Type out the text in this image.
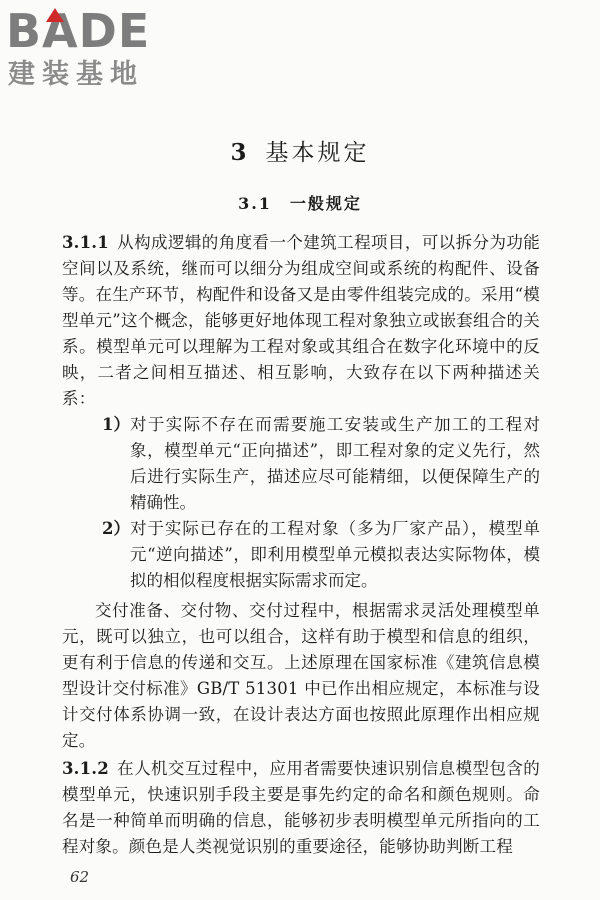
BADE
建装基地
3 基本规定
3.1 一般规定
3.1.1 从构成逻辑的角度看一个建筑工程项目，可以拆分为功能空间以及系统，继而可以细分为组成空间或系统的构配件、设备等。在生产环节，构配件和设备又是由零件组装完成的。采用“模型单元”这个概念，能够更好地体现工程对象独立或嵌套组合的关系。模型单元可以理解为工程对象或其组合在数字化环境中的反映，二者之间相互描述、相互影响，大致存在以下两种描述关系：
1） 对于实际不存在而需要施工安装或生产加工的工程对象，模型单元“正向描述”，即工程对象的定义先行，然后进行实际生产，描述应尽可能精细，以便保障生产的精确性。
2） 对于实际已存在的工程对象（多为厂家产品），模型单元“逆向描述”，即利用模型单元模拟表达实际物体，模拟的相似程度根据实际需求而定。
交付准备、交付物、交付过程中，根据需求灵活处理模型单元，既可以独立，也可以组合，这样有助于模型和信息的组织，更有利于信息的传递和交互。上述原理在国家标准《建筑信息模型设计交付标准》GB/T 51301 中已作出相应规定，本标准与设计交付体系协调一致，在设计表达方面也按照此原理作出相应规定。
3.1.2 在人机交互过程中，应用者需要快速识别信息模型包含的模型单元，快速识别手段主要是事先约定的命名和颜色规则。命名是一种简单而明确的信息，能够初步表明模型单元所指向的工程对象。颜色是人类视觉识别的重要途径，能够协助判断工程
62
